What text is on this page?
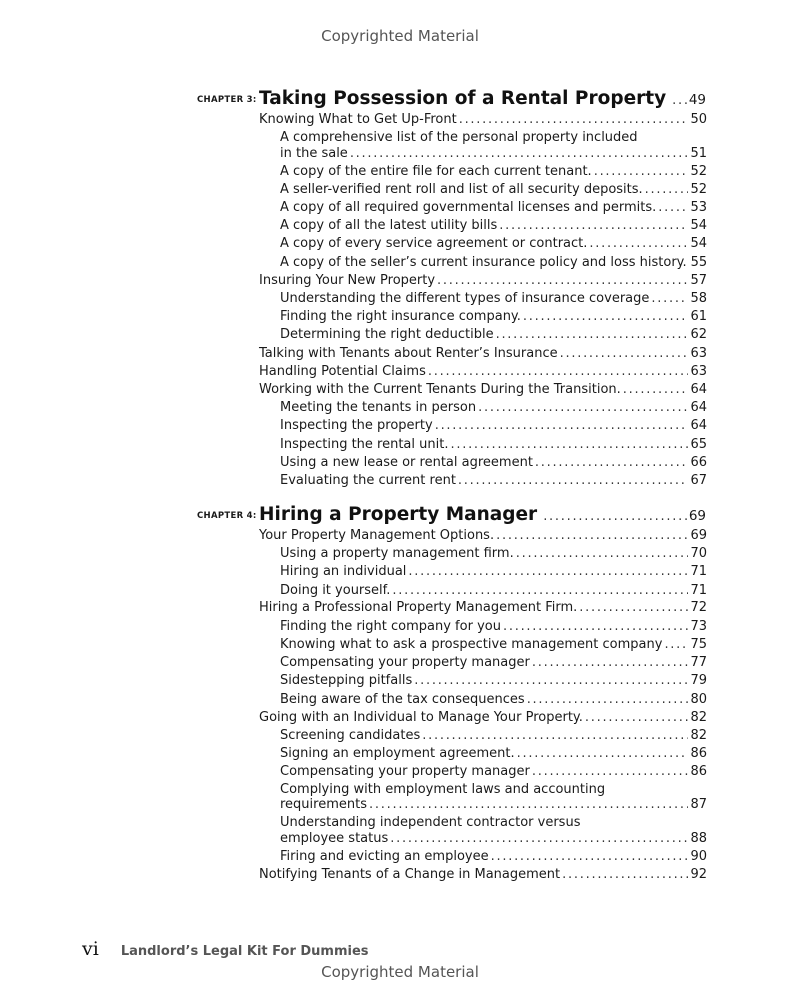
Copyrighted Material
CHAPTER 3: Taking Possession of a Rental Property . . . 49
Knowing What to Get Up-Front . . .	50
A comprehensive list of the personal property included
in the sale . . .	51
A copy of the entire file for each current tenant. . . .	52
A seller-verified rent roll and list of all security deposits. . . .	52
A copy of all required governmental licenses and permits. . . .	53
A copy of all the latest utility bills . . .	54
A copy of every service agreement or contract. . . .	54
A copy of the seller’s current insurance policy and loss history. 55
Insuring Your New Property . . .	57
Understanding the different types of insurance coverage . . .	58
Finding the right insurance company. . . .	61
Determining the right deductible . . .	62
Talking with Tenants about Renter’s Insurance . . .	63
Handling Potential Claims . . .	63
Working with the Current Tenants During the Transition. . . .	64
Meeting the tenants in person . . .	64
Inspecting the property . . .	64
Inspecting the rental unit. . . .	65
Using a new lease or rental agreement . . .	66
Evaluating the current rent . . .	67
CHAPTER 4: Hiring a Property Manager . . .	69
Your Property Management Options. . . .	69
Using a property management firm. . . .	70
Hiring an individual . . .	71
Doing it yourself. . . .	71
Hiring a Professional Property Management Firm. . . .	72
Finding the right company for you . . .	73
Knowing what to ask a prospective management company . . . 75
Compensating your property manager . . .	77
Sidestepping pitfalls . . .	79
Being aware of the tax consequences . . .	80
Going with an Individual to Manage Your Property. . . .	82
Screening candidates . . .	82
Signing an employment agreement. . . .	86
Compensating your property manager . . .	86
Complying with employment laws and accounting
requirements . . .	87
Understanding independent contractor versus
employee status . . .	88
Firing and evicting an employee . . .	90
Notifying Tenants of a Change in Management . . .	92
vi Landlord’s Legal Kit For Dummies
Copyrighted Material
